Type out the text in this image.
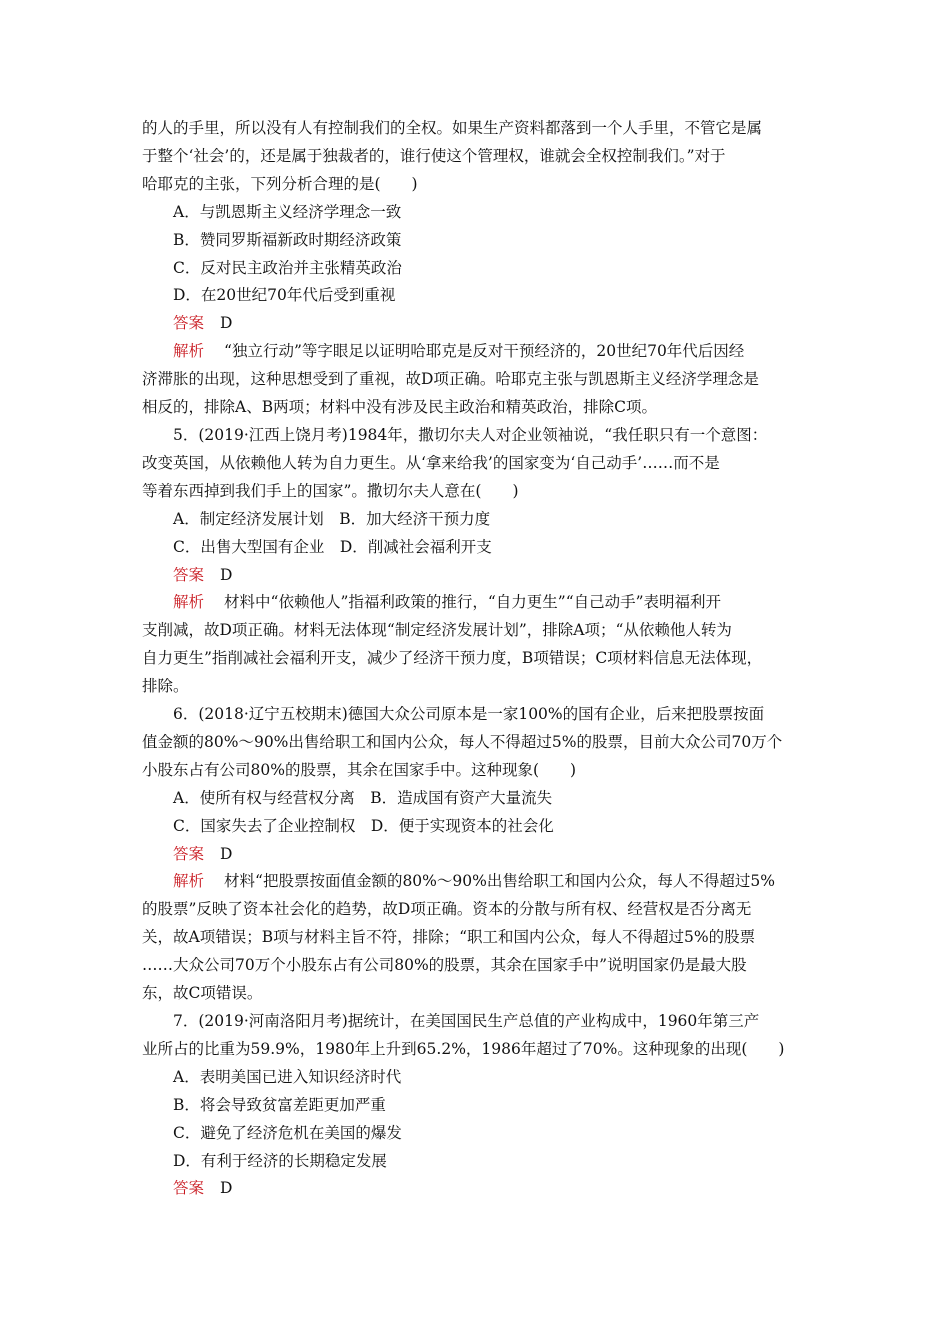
的人的手里，所以没有人有控制我们的全权。如果生产资料都落到一个人手里，不管它是属

于整个‘社会’的，还是属于独裁者的，谁行使这个管理权，谁就会全权控制我们。”对于

哈耶克的主张，下列分析合理的是(　　)

A．与凯恩斯主义经济学理念一致

B．赞同罗斯福新政时期经济政策

C．反对民主政治并主张精英政治

D．在20世纪70年代后受到重视

答案 D

解析 “独立行动”等字眼足以证明哈耶克是反对干预经济的，20世纪70年代后因经

济滞胀的出现，这种思想受到了重视，故D项正确。哈耶克主张与凯恩斯主义经济学理念是

相反的，排除A、B两项；材料中没有涉及民主政治和精英政治，排除C项。

5．(2019·江西上饶月考)1984年，撒切尔夫人对企业领袖说，“我任职只有一个意图：

改变英国，从依赖他人转为自力更生。从‘拿来给我’的国家变为‘自己动手’……而不是

等着东西掉到我们手上的国家”。撒切尔夫人意在(　　)

A．制定经济发展计划　B．加大经济干预力度

C．出售大型国有企业　D．削减社会福利开支

答案 D

解析 材料中“依赖他人”指福利政策的推行，“自力更生”“自己动手”表明福利开

支削减，故D项正确。材料无法体现“制定经济发展计划”，排除A项；“从依赖他人转为

自力更生”指削减社会福利开支，减少了经济干预力度，B项错误；C项材料信息无法体现，

排除。

6．(2018·辽宁五校期末)德国大众公司原本是一家100%的国有企业，后来把股票按面

值金额的80%～90%出售给职工和国内公众，每人不得超过5%的股票，目前大众公司70万个

小股东占有公司80%的股票，其余在国家手中。这种现象(　　)

A．使所有权与经营权分离　B．造成国有资产大量流失

C．国家失去了企业控制权　D．便于实现资本的社会化

答案 D

解析 材料“把股票按面值金额的80%～90%出售给职工和国内公众，每人不得超过5%

的股票”反映了资本社会化的趋势，故D项正确。资本的分散与所有权、经营权是否分离无

关，故A项错误；B项与材料主旨不符，排除；“职工和国内公众，每人不得超过5%的股票

……大众公司70万个小股东占有公司80%的股票，其余在国家手中”说明国家仍是最大股

东，故C项错误。

7．(2019·河南洛阳月考)据统计，在美国国民生产总值的产业构成中，1960年第三产

业所占的比重为59.9%，1980年上升到65.2%，1986年超过了70%。这种现象的出现(　　)

A．表明美国已进入知识经济时代

B．将会导致贫富差距更加严重

C．避免了经济危机在美国的爆发

D．有利于经济的长期稳定发展

答案 D
